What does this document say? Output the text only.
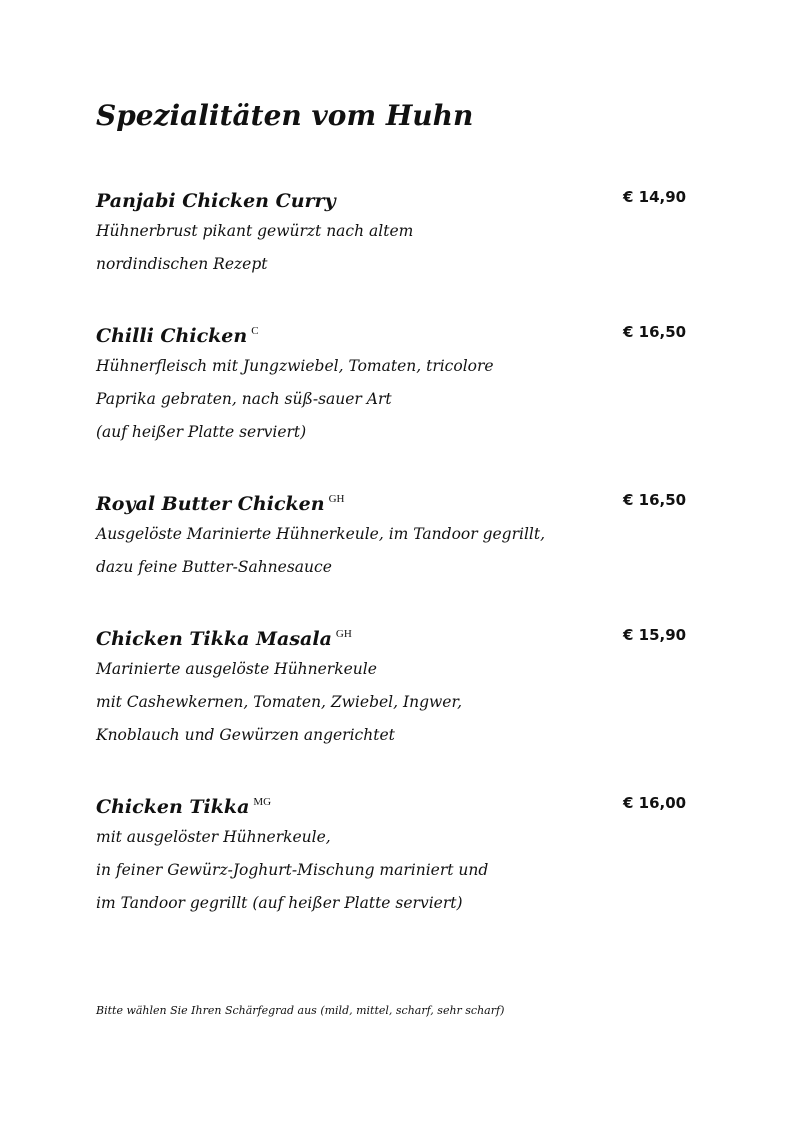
Spezialitäten vom Huhn
Panjabi Chicken Curry	€ 14,90
Hühnerbrust pikant gewürzt nach altem
nordindischen Rezept
Chilli Chicken $^C$	€ 16,50
Hühnerfleisch mit Jungzwiebel, Tomaten, tricolore
Paprika gebraten, nach süß-sauer Art
(auf heißer Platte serviert)
Royal Butter Chicken $^{GH}$	€ 16,50
Ausgelöste Marinierte Hühnerkeule, im Tandoor gegrillt,
dazu feine Butter-Sahnesauce
Chicken Tikka Masala $^{GH}$	€ 15,90
Marinierte ausgelöste Hühnerkeule
mit Cashewkernen, Tomaten, Zwiebel, Ingwer,
Knoblauch und Gewürzen angerichtet
Chicken Tikka $^{MG}$	€ 16,00
mit ausgelöster Hühnerkeule,
in feiner Gewürz-Joghurt-Mischung mariniert und
im Tandoor gegrillt (auf heißer Platte serviert)

Bitte wählen Sie Ihren Schärfegrad aus (mild, mittel, scharf, sehr scharf)
